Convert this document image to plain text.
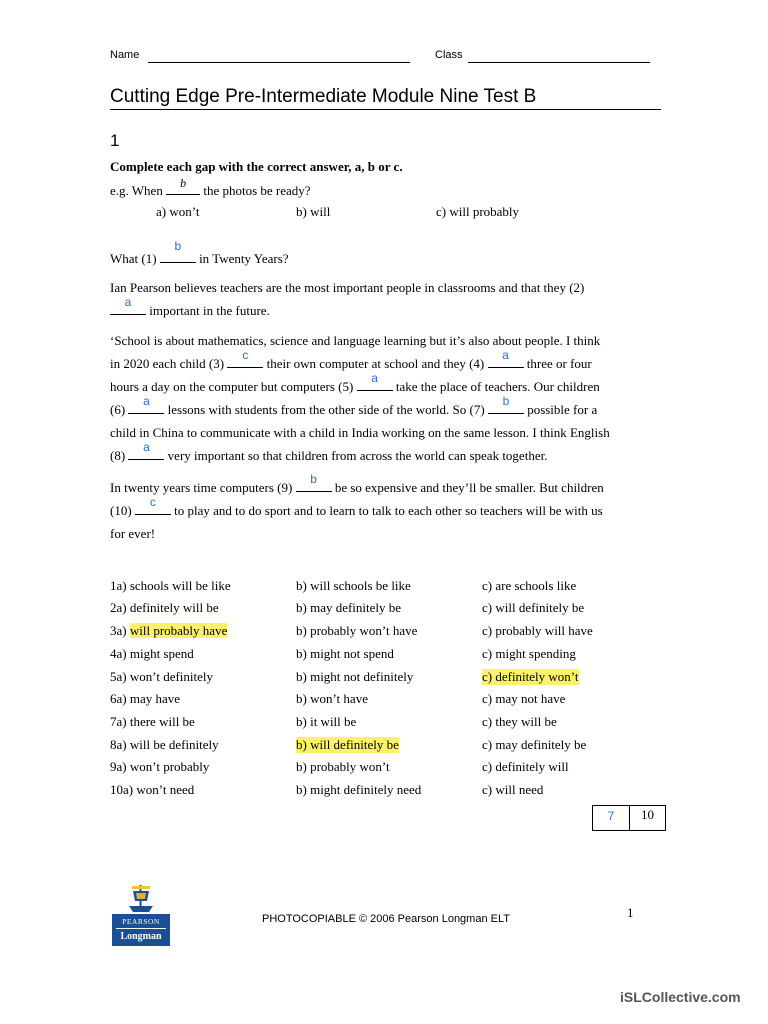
Name	Class
Cutting Edge Pre-Intermediate Module Nine Test B
1
Complete each gap with the correct answer, a, b or c.
e.g. When	b	the photos be ready?
a) won’t	b) will	c) will probably
What (1)
b
in Twenty Years?
Ian Pearson believes teachers are the most important people in classrooms and that they (2)
a
important in the future.
‘School is about mathematics, science and language learning but it’s also about people. I think
in 2020 each child (3)
c
their own computer at school and they (4)
a
three or four
hours a day on the computer but computers (5)
a
take the place of teachers. Our children
(6)
a
lessons with students from the other side of the world. So (7)
b
possible for a
child in China to communicate with a child in India working on the same lesson. I think English
(8)
a
very important so that children from across the world can speak together.
In twenty years time computers (9)
b
be so expensive and they’ll be smaller. But children
(10)
c
to play and to do sport and to learn to talk to each other so teachers will be with us
for ever!
1a) schools will be like	b) will schools be like	c) are schools like
2a) definitely will be	b) may definitely be	c) will definitely be
3a) will probably have	b) probably won’t have	c) probably will have
4a) might spend	b) might not spend	c) might spending
5a) won’t definitely	b) might not definitely	c) definitely won’t
6a) may have	b) won’t have	c) may not have
7a) there will be	b) it will be	c) they will be
8a) will be definitely	b) will definitely be	c) may definitely be
9a) won’t probably	b) probably won’t	c) definitely will
10a) won’t need	b) might definitely need	c) will need
7	10
PEARSON
Longman
PHOTOCOPIABLE © 2006 Pearson Longman ELT	1
iSLCollective.com
